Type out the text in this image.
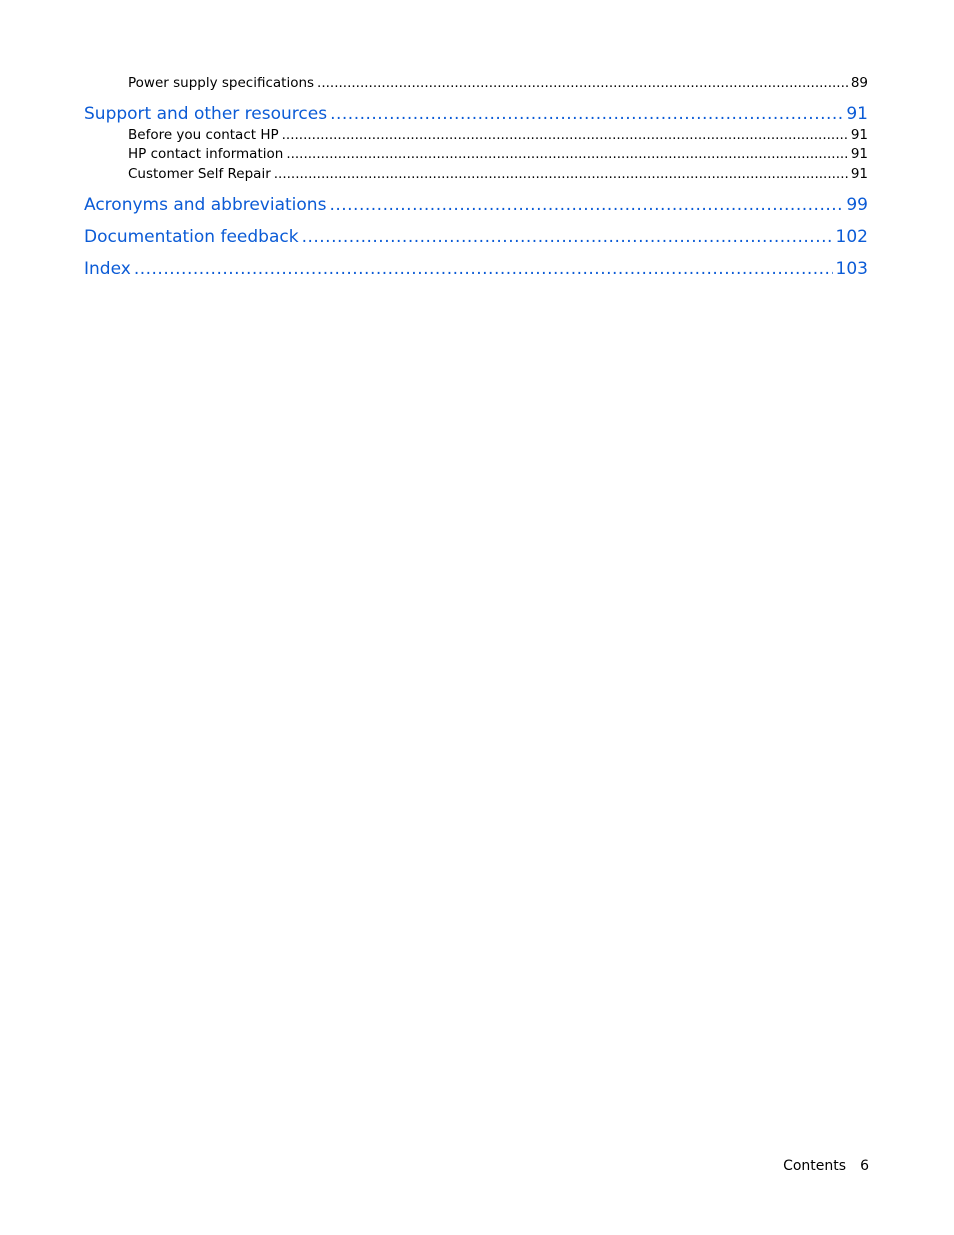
Power supply specifications .....	89
Support and other resources .....	91
Before you contact HP .....	91
HP contact information .....	91
Customer Self Repair .....	91
Acronyms and abbreviations .....	99
Documentation feedback .....	102
Index .....	103
Contents 6
